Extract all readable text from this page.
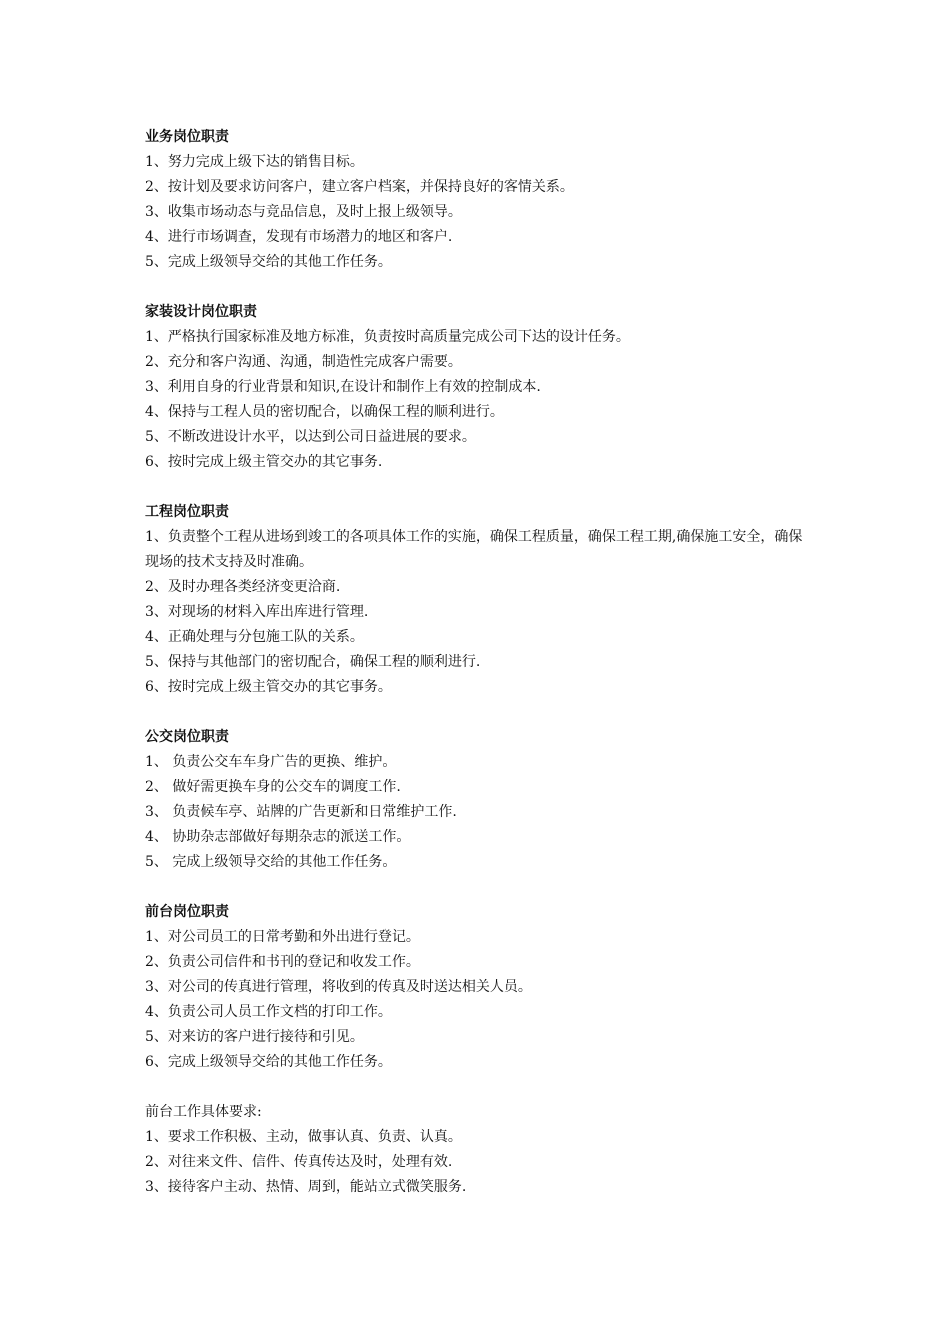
业务岗位职责
1、努力完成上级下达的销售目标。
2、按计划及要求访问客户，建立客户档案，并保持良好的客情关系。
3、收集市场动态与竞品信息，及时上报上级领导。
4、进行市场调查，发现有市场潜力的地区和客户.
5、完成上级领导交给的其他工作任务。
家装设计岗位职责
1、严格执行国家标准及地方标准，负责按时高质量完成公司下达的设计任务。
2、充分和客户沟通、沟通，制造性完成客户需要。
3、利用自身的行业背景和知识,在设计和制作上有效的控制成本.
4、保持与工程人员的密切配合，以确保工程的顺利进行。
5、不断改进设计水平，以达到公司日益进展的要求。
6、按时完成上级主管交办的其它事务.
工程岗位职责
1、负责整个工程从进场到竣工的各项具体工作的实施，确保工程质量，确保工程工期,确保施工安全，确保现场的技术支持及时准确。
2、及时办理各类经济变更洽商.
3、对现场的材料入库出库进行管理.
4、正确处理与分包施工队的关系。
5、保持与其他部门的密切配合，确保工程的顺利进行.
6、按时完成上级主管交办的其它事务。
公交岗位职责
1、 负责公交车车身广告的更换、维护。
2、 做好需更换车身的公交车的调度工作.
3、 负责候车亭、站牌的广告更新和日常维护工作.
4、 协助杂志部做好每期杂志的派送工作。
5、 完成上级领导交给的其他工作任务。
前台岗位职责
1、对公司员工的日常考勤和外出进行登记。
2、负责公司信件和书刊的登记和收发工作。
3、对公司的传真进行管理，将收到的传真及时送达相关人员。
4、负责公司人员工作文档的打印工作。
5、对来访的客户进行接待和引见。
6、完成上级领导交给的其他工作任务。
前台工作具体要求:
1、要求工作积极、主动，做事认真、负责、认真。
2、对往来文件、信件、传真传达及时，处理有效.
3、接待客户主动、热情、周到，能站立式微笑服务.
